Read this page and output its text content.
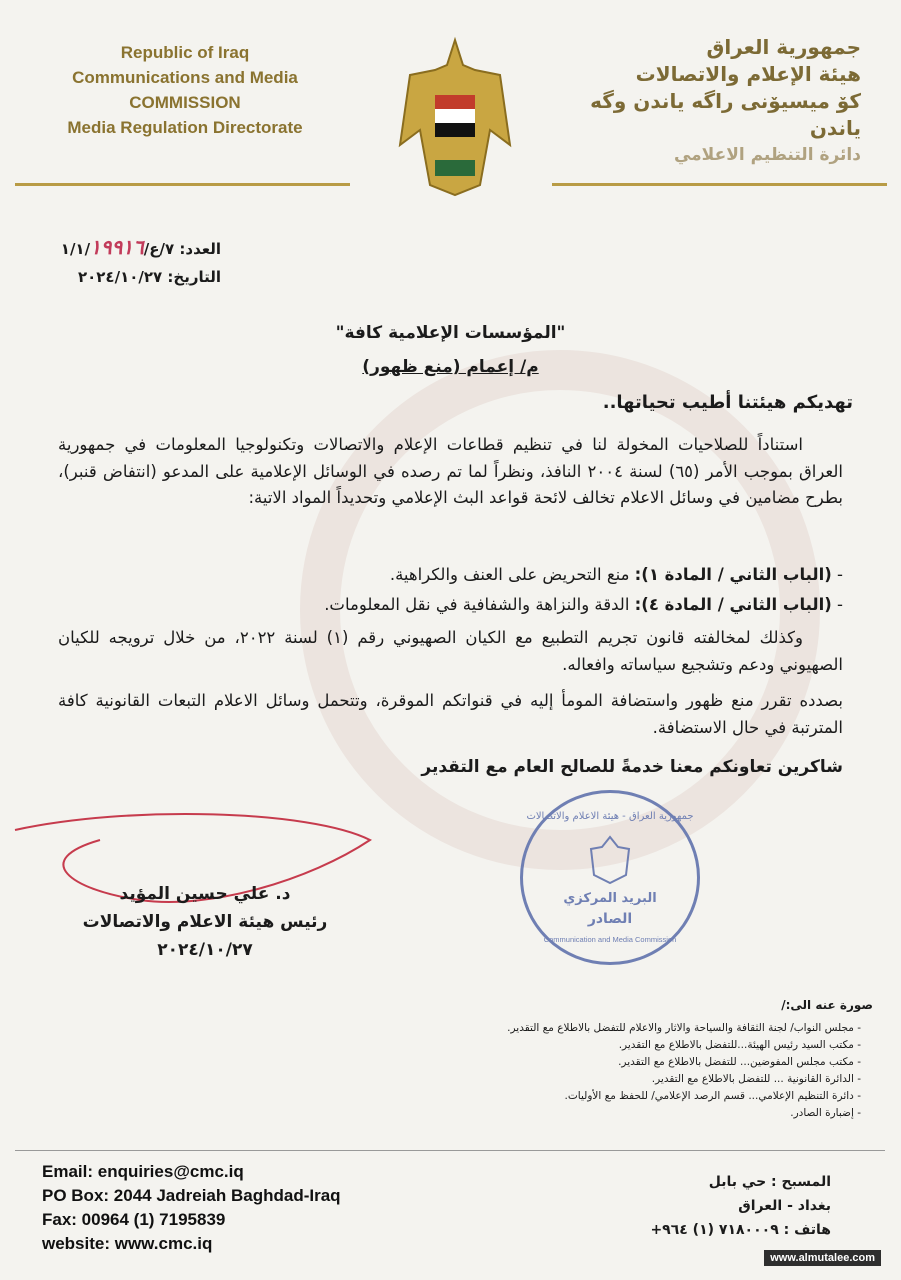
Republic of Iraq
Communications and Media
COMMISSION
Media Regulation Directorate
جمهورية العراق
هيئة الإعلام والاتصالات
كۆ ميسيۆنى راگه ياندن وگه ياندن
دائرة التنظيم الاعلامي
العدد: ٧/ع/١/١/١٩٩١٦
التاريخ: ٢٠٢٤/١٠/٢٧
"المؤسسات الإعلامية كافة"
م/ إعمام (منع ظهور)
تهديكم هيئتنا أطيب تحياتها..
استناداً للصلاحيات المخولة لنا في تنظيم قطاعات الإعلام والاتصالات وتكنولوجيا المعلومات في جمهورية العراق بموجب الأمر (٦٥) لسنة ٢٠٠٤ النافذ، ونظراً لما تم رصده في الوسائل الإعلامية على المدعو (انتفاض قنبر)، بطرح مضامين في وسائل الاعلام تخالف لائحة قواعد البث الإعلامي وتحديداً المواد الاتية:
- (الباب الثاني / المادة ١): منع التحريض على العنف والكراهية.
- (الباب الثاني / المادة ٤): الدقة والنزاهة والشفافية في نقل المعلومات.
وكذلك لمخالفته قانون تجريم التطبيع مع الكيان الصهيوني رقم (١) لسنة ٢٠٢٢، من خلال ترويجه للكيان الصهيوني ودعم وتشجيع سياساته وافعاله.
بصدده تقرر منع ظهور واستضافة المومأ إليه في قنواتكم الموقرة، وتتحمل وسائل الاعلام التبعات القانونية كافة المترتبة في حال الاستضافة.
شاكرين تعاونكم معنا خدمةً للصالح العام مع التقدير
د. علي حسين المؤيد
رئيس هيئة الاعلام والاتصالات
٢٠٢٤/١٠/٢٧
جمهورية العراق - هيئة الاعلام والاتصالات
البريد المركزي
الصادر
Communication and Media Commission
صورة عنه الى:/
- مجلس النواب/ لجنة الثقافة والسياحة والاثار والاعلام للتفضل بالاطلاع مع التقدير.
- مكتب السيد رئيس الهيئة...للتفضل بالاطلاع مع التقدير.
- مكتب مجلس المفوضين... للتفضل بالاطلاع مع التقدير.
- الدائرة القانونية ... للتفضل بالاطلاع مع التقدير.
- دائرة التنظيم الإعلامي... قسم الرصد الإعلامي/ للحفظ مع الأوليات.
- إضبارة الصادر.
Email: enquiries@cmc.iq
PO Box: 2044 Jadreiah Baghdad-Iraq
Fax: 00964 (1) 7195839
website: www.cmc.iq
المسبح : حي بابل
بغداد - العراق
هاتف : ٧١٨٠٠٠٩ (١) ٩٦٤+
www.almutalee.com
